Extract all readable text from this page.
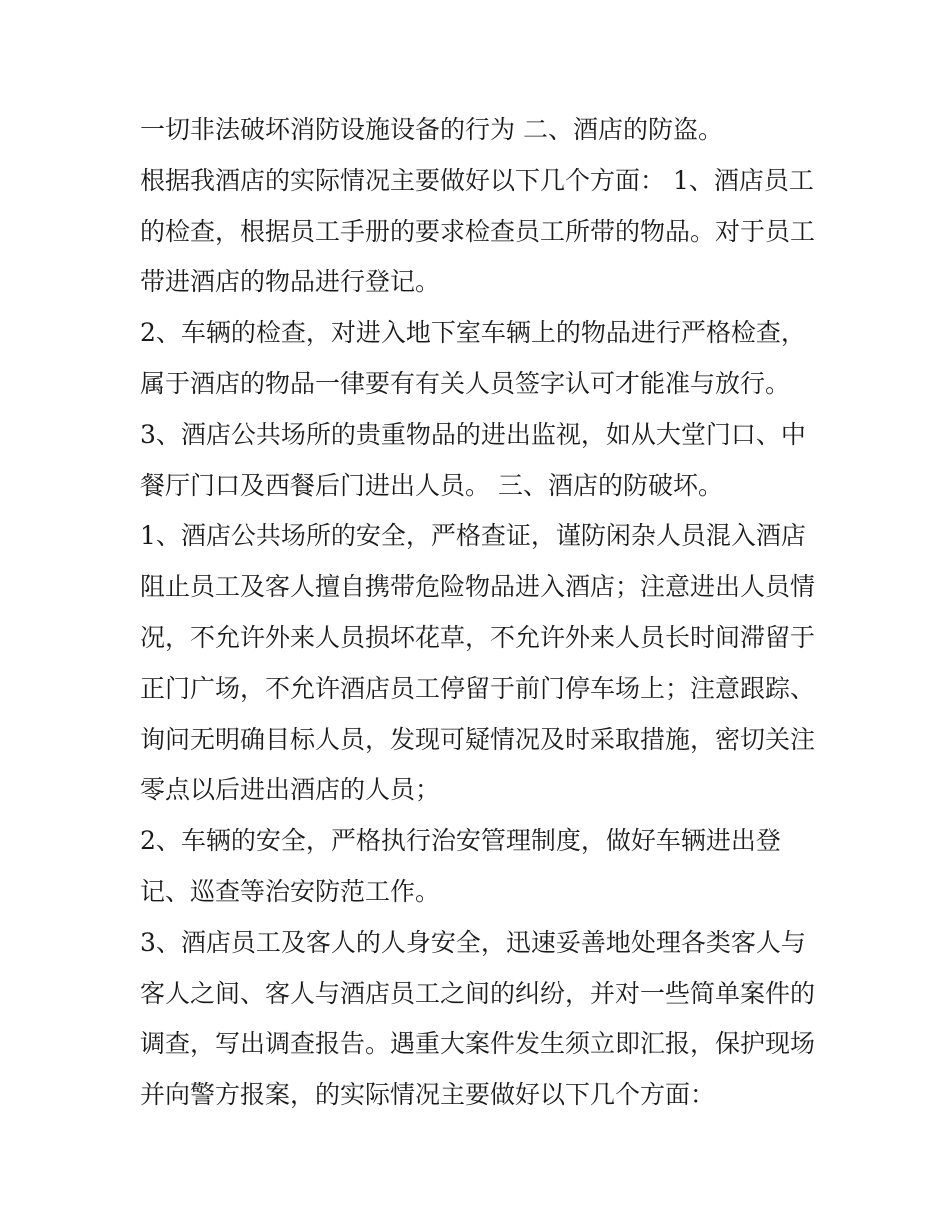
一切非法破坏消防设施设备的行为 二、酒店的防盗。
根据我酒店的实际情况主要做好以下几个方面： 1、酒店员工
的检查，根据员工手册的要求检查员工所带的物品。对于员工
带进酒店的物品进行登记。
2、车辆的检查，对进入地下室车辆上的物品进行严格检查，
属于酒店的物品一律要有有关人员签字认可才能准与放行。
3、酒店公共场所的贵重物品的进出监视，如从大堂门口、中
餐厅门口及西餐后门进出人员。 三、酒店的防破坏。
1、酒店公共场所的安全，严格查证，谨防闲杂人员混入酒店
阻止员工及客人擅自携带危险物品进入酒店；注意进出人员情
况，不允许外来人员损坏花草，不允许外来人员长时间滞留于
正门广场，不允许酒店员工停留于前门停车场上；注意跟踪、
询问无明确目标人员，发现可疑情况及时采取措施，密切关注
零点以后进出酒店的人员；
2、车辆的安全，严格执行治安管理制度，做好车辆进出登
记、巡查等治安防范工作。
3、酒店员工及客人的人身安全，迅速妥善地处理各类客人与
客人之间、客人与酒店员工之间的纠纷，并对一些简单案件的
调查，写出调查报告。遇重大案件发生须立即汇报，保护现场
并向警方报案，的实际情况主要做好以下几个方面：
